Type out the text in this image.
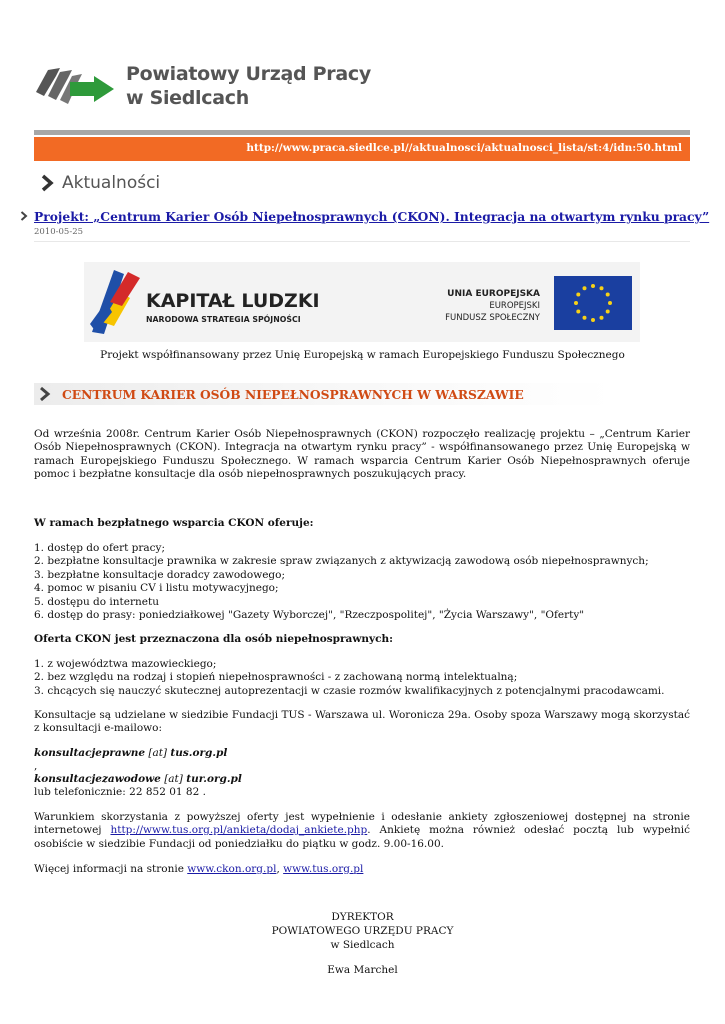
Powiatowy Urząd Pracy
w Siedlcach
http://www.praca.siedlce.pl//aktualnosci/aktualnosci_lista/st:4/idn:50.html
Aktualności
Projekt: „Centrum Karier Osób Niepełnosprawnych (CKON). Integracja na otwartym rynku pracy”
2010-05-25
KAPITAŁ LUDZKI
NARODOWA STRATEGIA SPÓJNOŚCI
UNIA EUROPEJSKA
EUROPEJSKI
FUNDUSZ SPOŁECZNY
Projekt współfinansowany przez Unię Europejską w ramach Europejskiego Funduszu Społecznego
CENTRUM KARIER OSÓB NIEPEŁNOSPRAWNYCH W WARSZAWIE
Od września 2008r. Centrum Karier Osób Niepełnosprawnych (CKON) rozpoczęło realizację projektu – „Centrum Karier Osób Niepełnosprawnych (CKON). Integracja na otwartym rynku pracy” - współfinansowanego przez Unię Europejską w ramach Europejskiego Funduszu Społecznego. W ramach wsparcia Centrum Karier Osób Niepełnosprawnych oferuje pomoc i bezpłatne konsultacje dla osób niepełnosprawnych poszukujących pracy.
W ramach bezpłatnego wsparcia CKON oferuje:
1. dostęp do ofert pracy;
2. bezpłatne konsultacje prawnika w zakresie spraw związanych z aktywizacją zawodową osób niepełnosprawnych;
3. bezpłatne konsultacje doradcy zawodowego;
4. pomoc w pisaniu CV i listu motywacyjnego;
5. dostępu do internetu
6. dostęp do prasy: poniedziałkowej "Gazety Wyborczej", "Rzeczpospolitej", "Życia Warszawy", "Oferty"
Oferta CKON jest przeznaczona dla osób niepełnosprawnych:
1. z województwa mazowieckiego;
2. bez względu na rodzaj i stopień niepełnosprawności - z zachowaną normą intelektualną;
3. chcących się nauczyć skutecznej autoprezentacji w czasie rozmów kwalifikacyjnych z potencjalnymi pracodawcami.
Konsultacje są udzielane w siedzibie Fundacji TUS - Warszawa ul. Woronicza 29a. Osoby spoza Warszawy mogą skorzystać z konsultacji e-mailowo:
konsultacjeprawne [at] tus.org.pl
,
konsultacjezawodowe [at] tur.org.pl
lub telefonicznie: 22 852 01 82 .
Warunkiem skorzystania z powyższej oferty jest wypełnienie i odesłanie ankiety zgłoszeniowej dostępnej na stronie internetowej http://www.tus.org.pl/ankieta/dodaj_ankiete.php. Ankietę można również odesłać pocztą lub wypełnić osobiście w siedzibie Fundacji od poniedziałku do piątku w godz. 9.00-16.00.
Więcej informacji na stronie www.ckon.org.pl, www.tus.org.pl
DYREKTOR
POWIATOWEGO URZĘDU PRACY
w Siedlcach
Ewa Marchel
